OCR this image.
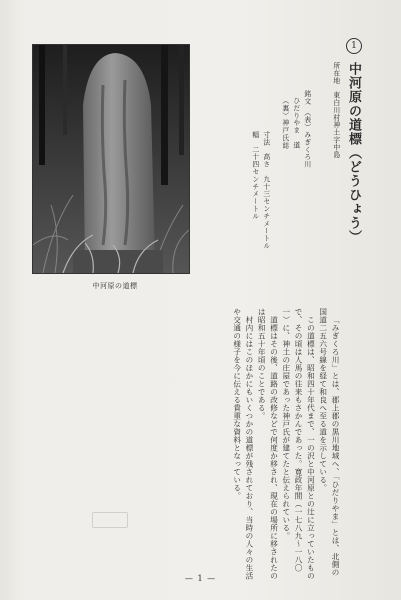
中河原の道標
1
中河原の道標（どうひょう）
所在地　東白川村神土字中島
銘文　（表）みぎくろ川
ひだりやま　道
（裏）神戸氏誌
寸法　高さ　九十三センチメートル
幅　二十四センチメートル

「みぎくろ川」とは、郡上郡の黒川地域へ、「ひだりやま」とは、北側の国道二五六号線を経て和良へ至る道を示している。

この道標は、昭和四十年代まで、一の沢と中河原との辻に立っていたもので、その頃は人馬の往来もさかんであった。寛政年間（一七八九〜一八〇一）に、神土の庄屋であった神戸氏が建てたと伝えられている。

道標はその後、道路の改修などで何度か移され、現在の場所に移されたのは昭和五十年頃のことである。

村内にはこのほかにもいくつかの道標が残されており、当時の人々の生活や交通の様子を今に伝える貴重な資料となっている。

— 1 —
